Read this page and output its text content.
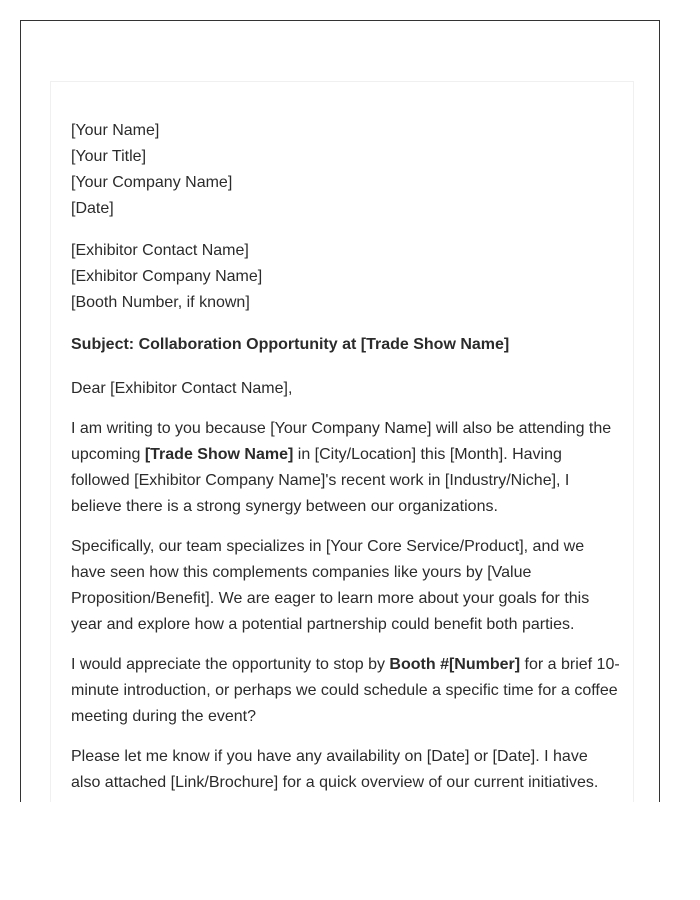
[Your Name]
[Your Title]
[Your Company Name]
[Date]
[Exhibitor Contact Name]
[Exhibitor Company Name]
[Booth Number, if known]
Subject: Collaboration Opportunity at [Trade Show Name]
Dear [Exhibitor Contact Name],
I am writing to you because [Your Company Name] will also be attending the upcoming [Trade Show Name] in [City/Location] this [Month]. Having followed [Exhibitor Company Name]'s recent work in [Industry/Niche], I believe there is a strong synergy between our organizations.
Specifically, our team specializes in [Your Core Service/Product], and we have seen how this complements companies like yours by [Value Proposition/Benefit]. We are eager to learn more about your goals for this year and explore how a potential partnership could benefit both parties.
I would appreciate the opportunity to stop by Booth #[Number] for a brief 10-minute introduction, or perhaps we could schedule a specific time for a coffee meeting during the event?
Please let me know if you have any availability on [Date] or [Date]. I have also attached [Link/Brochure] for a quick overview of our current initiatives.
